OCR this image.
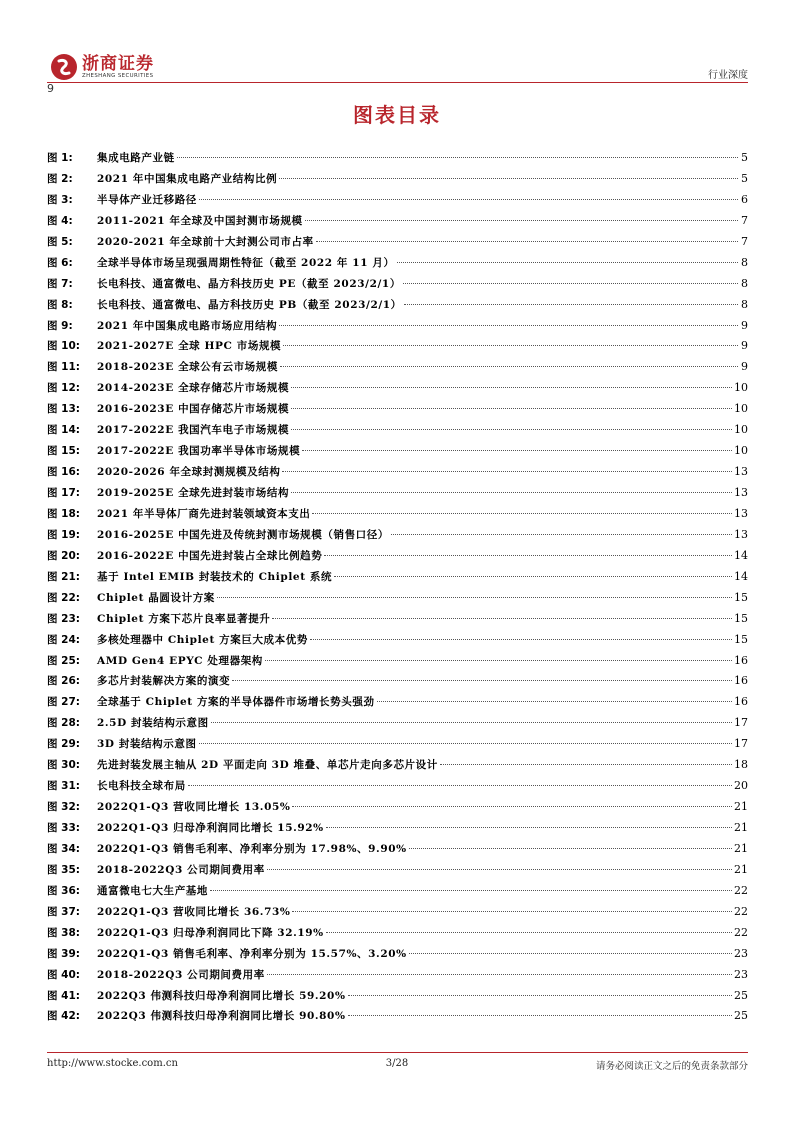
浙商证券
ZHESHANG SECURITIES
9
行业深度
图表目录
图 1:	集成电路产业链	5
图 2:	2021 年中国集成电路产业结构比例	5
图 3:	半导体产业迁移路径	6
图 4:	2011-2021 年全球及中国封测市场规模	7
图 5:	2020-2021 年全球前十大封测公司市占率	7
图 6:	全球半导体市场呈现强周期性特征（截至 2022 年 11 月）	8
图 7:	长电科技、通富微电、晶方科技历史 PE（截至 2023/2/1）	8
图 8:	长电科技、通富微电、晶方科技历史 PB（截至 2023/2/1）	8
图 9:	2021 年中国集成电路市场应用结构	9
图 10:	2021-2027E 全球 HPC 市场规模	9
图 11:	2018-2023E 全球公有云市场规模	9
图 12:	2014-2023E 全球存储芯片市场规模	10
图 13:	2016-2023E 中国存储芯片市场规模	10
图 14:	2017-2022E 我国汽车电子市场规模	10
图 15:	2017-2022E 我国功率半导体市场规模	10
图 16:	2020-2026 年全球封测规模及结构	13
图 17:	2019-2025E 全球先进封装市场结构	13
图 18:	2021 年半导体厂商先进封装领域资本支出	13
图 19:	2016-2025E 中国先进及传统封测市场规模（销售口径）	13
图 20:	2016-2022E 中国先进封装占全球比例趋势	14
图 21:	基于 Intel EMIB 封装技术的 Chiplet 系统	14
图 22:	Chiplet 晶圆设计方案	15
图 23:	Chiplet 方案下芯片良率显著提升	15
图 24:	多核处理器中 Chiplet 方案巨大成本优势	15
图 25:	AMD Gen4 EPYC 处理器架构	16
图 26:	多芯片封装解决方案的演变	16
图 27:	全球基于 Chiplet 方案的半导体器件市场增长势头强劲	16
图 28:	2.5D 封装结构示意图	17
图 29:	3D 封装结构示意图	17
图 30:	先进封装发展主轴从 2D 平面走向 3D 堆叠、单芯片走向多芯片设计	18
图 31:	长电科技全球布局	20
图 32:	2022Q1-Q3 营收同比增长 13.05%	21
图 33:	2022Q1-Q3 归母净利润同比增长 15.92%	21
图 34:	2022Q1-Q3 销售毛利率、净利率分别为 17.98%、9.90%	21
图 35:	2018-2022Q3 公司期间费用率	21
图 36:	通富微电七大生产基地	22
图 37:	2022Q1-Q3 营收同比增长 36.73%	22
图 38:	2022Q1-Q3 归母净利润同比下降 32.19%	22
图 39:	2022Q1-Q3 销售毛利率、净利率分别为 15.57%、3.20%	23
图 40:	2018-2022Q3 公司期间费用率	23
图 41:	2022Q3 伟测科技归母净利润同比增长 59.20%	25
图 42:	2022Q3 伟测科技归母净利润同比增长 90.80%	25
http://www.stocke.com.cn	3/28	请务必阅读正文之后的免责条款部分
